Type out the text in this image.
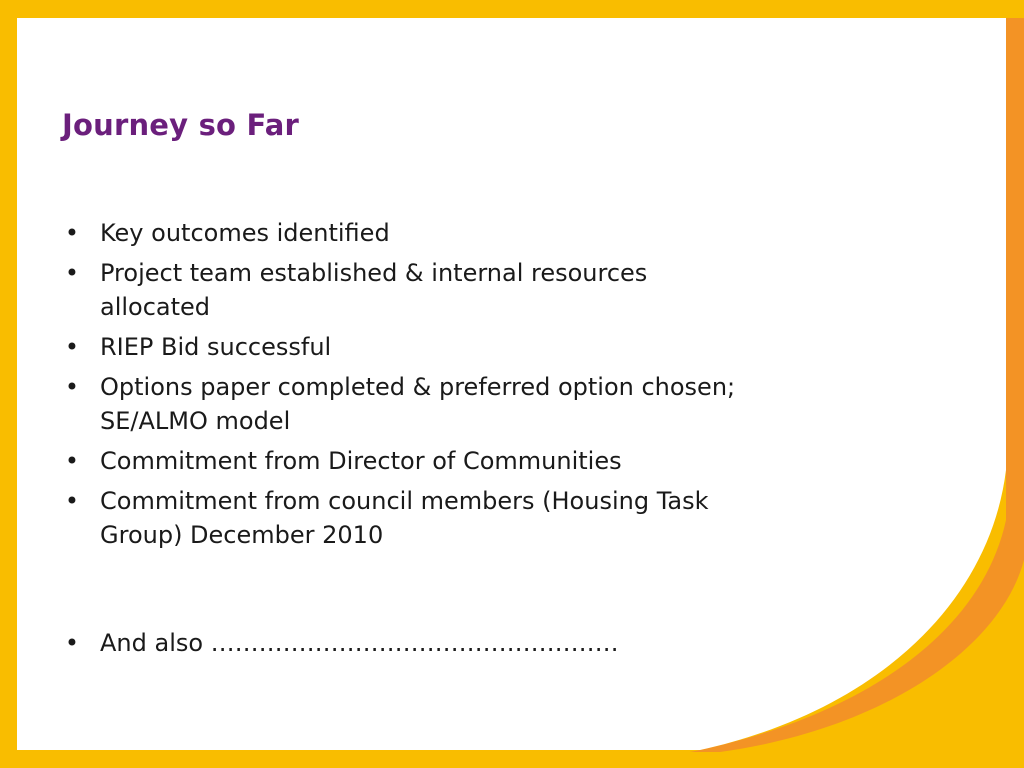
Journey so Far
• Key outcomes identified
• Project team established & internal resources allocated
• RIEP Bid successful
• Options paper completed & preferred option chosen; SE/ALMO model
• Commitment from Director of Communities
• Commitment from council members (Housing Task Group) December 2010
• And also ……………………………………………
